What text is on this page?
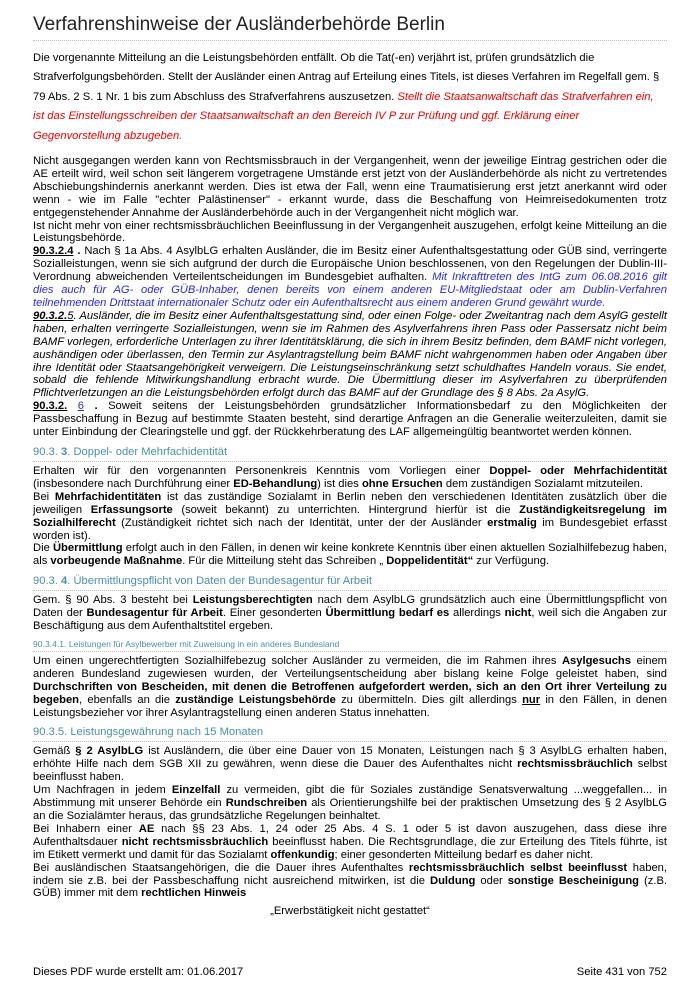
Verfahrenshinweise der Ausländerbehörde Berlin

Die vorgenannte Mitteilung an die Leistungsbehörden entfällt. Ob die Tat(-en) verjährt ist, prüfen grundsätzlich die Strafverfolgungsbehörden. Stellt der Ausländer einen Antrag auf Erteilung eines Titels, ist dieses Verfahren im Regelfall gem. § 79 Abs. 2 S. 1 Nr. 1 bis zum Abschluss des Strafverfahrens auszusetzen. Stellt die Staatsanwaltschaft das Strafverfahren ein, ist das Einstellungsschreiben der Staatsanwaltschaft an den Bereich IV P zur Prüfung und ggf. Erklärung einer Gegenvorstellung abzugeben.

Nicht ausgegangen werden kann von Rechtsmissbrauch in der Vergangenheit, wenn der jeweilige Eintrag gestrichen oder die AE erteilt wird, weil schon seit längerem vorgetragene Umstände erst jetzt von der Ausländerbehörde als nicht zu vertretendes Abschiebungshindernis anerkannt werden. Dies ist etwa der Fall, wenn eine Traumatisierung erst jetzt anerkannt wird oder wenn - wie im Falle "echter Palästinenser" - erkannt wurde, dass die Beschaffung von Heimreisedokumenten trotz entgegenstehender Annahme der Ausländerbehörde auch in der Vergangenheit nicht möglich war.

Ist nicht mehr von einer rechtsmissbräuchlichen Beeinflussung in der Vergangenheit auszugehen, erfolgt keine Mitteilung an die Leistungsbehörde.

90.3.2.4 . Nach § 1a Abs. 4 AsylbLG erhalten Ausländer, die im Besitz einer Aufenthaltsgestattung oder GÜB sind, verringerte Sozialleistungen, wenn sie sich aufgrund der durch die Europäische Union beschlossenen, von den Regelungen der Dublin-III-Verordnung abweichenden Verteilentscheidungen im Bundesgebiet aufhalten. Mit Inkrafttreten des IntG zum 06.08.2016 gilt dies auch für AG- oder GÜB-Inhaber, denen bereits von einem anderen EU-Mitgliedstaat oder am Dublin-Verfahren teilnehmenden Drittstaat internationaler Schutz oder ein Aufenthaltsrecht aus einem anderen Grund gewährt wurde.

90.3.2.5. Ausländer, die im Besitz einer Aufenthaltsgestattung sind, oder einen Folge- oder Zweitantrag nach dem AsylG gestellt haben, erhalten verringerte Sozialleistungen, wenn sie im Rahmen des Asylverfahrens ihren Pass oder Passersatz nicht beim BAMF vorlegen, erforderliche Unterlagen zu ihrer Identitätsklärung, die sich in ihrem Besitz befinden, dem BAMF nicht vorlegen, aushändigen oder überlassen, den Termin zur Asylantragstellung beim BAMF nicht wahrgenommen haben oder Angaben über ihre Identität oder Staatsangehörigkeit verweigern. Die Leistungseinschränkung setzt schuldhaftes Handeln voraus. Sie endet, sobald die fehlende Mitwirkungshandlung erbracht wurde. Die Übermittlung dieser im Asylverfahren zu überprüfenden Pflichtverletzungen an die Leistungsbehörden erfolgt durch das BAMF auf der Grundlage des § 8 Abs. 2a AsylG.

90.3.2. 6 . Soweit seitens der Leistungsbehörden grundsätzlicher Informationsbedarf zu den Möglichkeiten der Passbeschaffung in Bezug auf bestimmte Staaten besteht, sind derartige Anfragen an die Generalie weiterzuleiten, damit sie unter Einbindung der Clearingstelle und ggf. der Rückkehrberatung des LAF allgemeingültig beantwortet werden können.

90.3. 3. Doppel- oder Mehrfachidentität

Erhalten wir für den vorgenannten Personenkreis Kenntnis vom Vorliegen einer Doppel- oder Mehrfachidentität (insbesondere nach Durchführung einer ED-Behandlung) ist dies ohne Ersuchen dem zuständigen Sozialamt mitzuteilen.
Bei Mehrfachidentitäten ist das zuständige Sozialamt in Berlin neben den verschiedenen Identitäten zusätzlich über die jeweiligen Erfassungsorte (soweit bekannt) zu unterrichten. Hintergrund hierfür ist die Zuständigkeitsregelung im Sozialhilferecht (Zuständigkeit richtet sich nach der Identität, unter der der Ausländer erstmalig im Bundesgebiet erfasst worden ist).
Die Übermittlung erfolgt auch in den Fällen, in denen wir keine konkrete Kenntnis über einen aktuellen Sozialhilfebezug haben, als vorbeugende Maßnahme. Für die Mitteilung steht das Schreiben „ Doppelidentität“ zur Verfügung.

90.3. 4. Übermittlungspflicht von Daten der Bundesagentur für Arbeit

Gem. § 90 Abs. 3 besteht bei Leistungsberechtigten nach dem AsylbLG grundsätzlich auch eine Übermittlungspflicht von Daten der Bundesagentur für Arbeit. Einer gesonderten Übermittlung bedarf es allerdings nicht, weil sich die Angaben zur Beschäftigung aus dem Aufenthaltstitel ergeben.

90.3.4.1. Leistungen für Asylbewerber mit Zuweisung in ein anderes Bundesland

Um einen ungerechtfertigten Sozialhilfebezug solcher Ausländer zu vermeiden, die im Rahmen ihres Asylgesuchs einem anderen Bundesland zugewiesen wurden, der Verteilungsentscheidung aber bislang keine Folge geleistet haben, sind Durchschriften von Bescheiden, mit denen die Betroffenen aufgefordert werden, sich an den Ort ihrer Verteilung zu begeben, ebenfalls an die zuständige Leistungsbehörde zu übermitteln. Dies gilt allerdings nur in den Fällen, in denen Leistungsbezieher vor ihrer Asylantragstellung einen anderen Status innehatten.

90.3.5. Leistungsgewährung nach 15 Monaten

Gemäß § 2 AsylbLG ist Ausländern, die über eine Dauer von 15 Monaten, Leistungen nach § 3 AsylbLG erhalten haben, erhöhte Hilfe nach dem SGB XII zu gewähren, wenn diese die Dauer des Aufenthaltes nicht rechtsmissbräuchlich selbst beeinflusst haben.
Um Nachfragen in jedem Einzelfall zu vermeiden, gibt die für Soziales zuständige Senatsverwaltung ...weggefallen... in Abstimmung mit unserer Behörde ein Rundschreiben als Orientierungshilfe bei der praktischen Umsetzung des § 2 AsylbLG an die Sozialämter heraus, das grundsätzliche Regelungen beinhaltet.
Bei Inhabern einer AE nach §§ 23 Abs. 1, 24 oder 25 Abs. 4 S. 1 oder 5 ist davon auszugehen, dass diese ihre Aufenthaltsdauer nicht rechtsmissbräuchlich beeinflusst haben. Die Rechtsgrundlage, die zur Erteilung des Titels führte, ist im Etikett vermerkt und damit für das Sozialamt offenkundig; einer gesonderten Mitteilung bedarf es daher nicht.
Bei ausländischen Staatsangehörigen, die die Dauer ihres Aufenthaltes rechtsmissbräuchlich selbst beeinflusst haben, indem sie z.B. bei der Passbeschaffung nicht ausreichend mitwirken, ist die Duldung oder sonstige Bescheinigung (z.B. GÜB) immer mit dem rechtlichen Hinweis

„Erwerbstätigkeit nicht gestattet“
Dieses PDF wurde erstellt am: 01.06.2017	Seite 431 von 752
